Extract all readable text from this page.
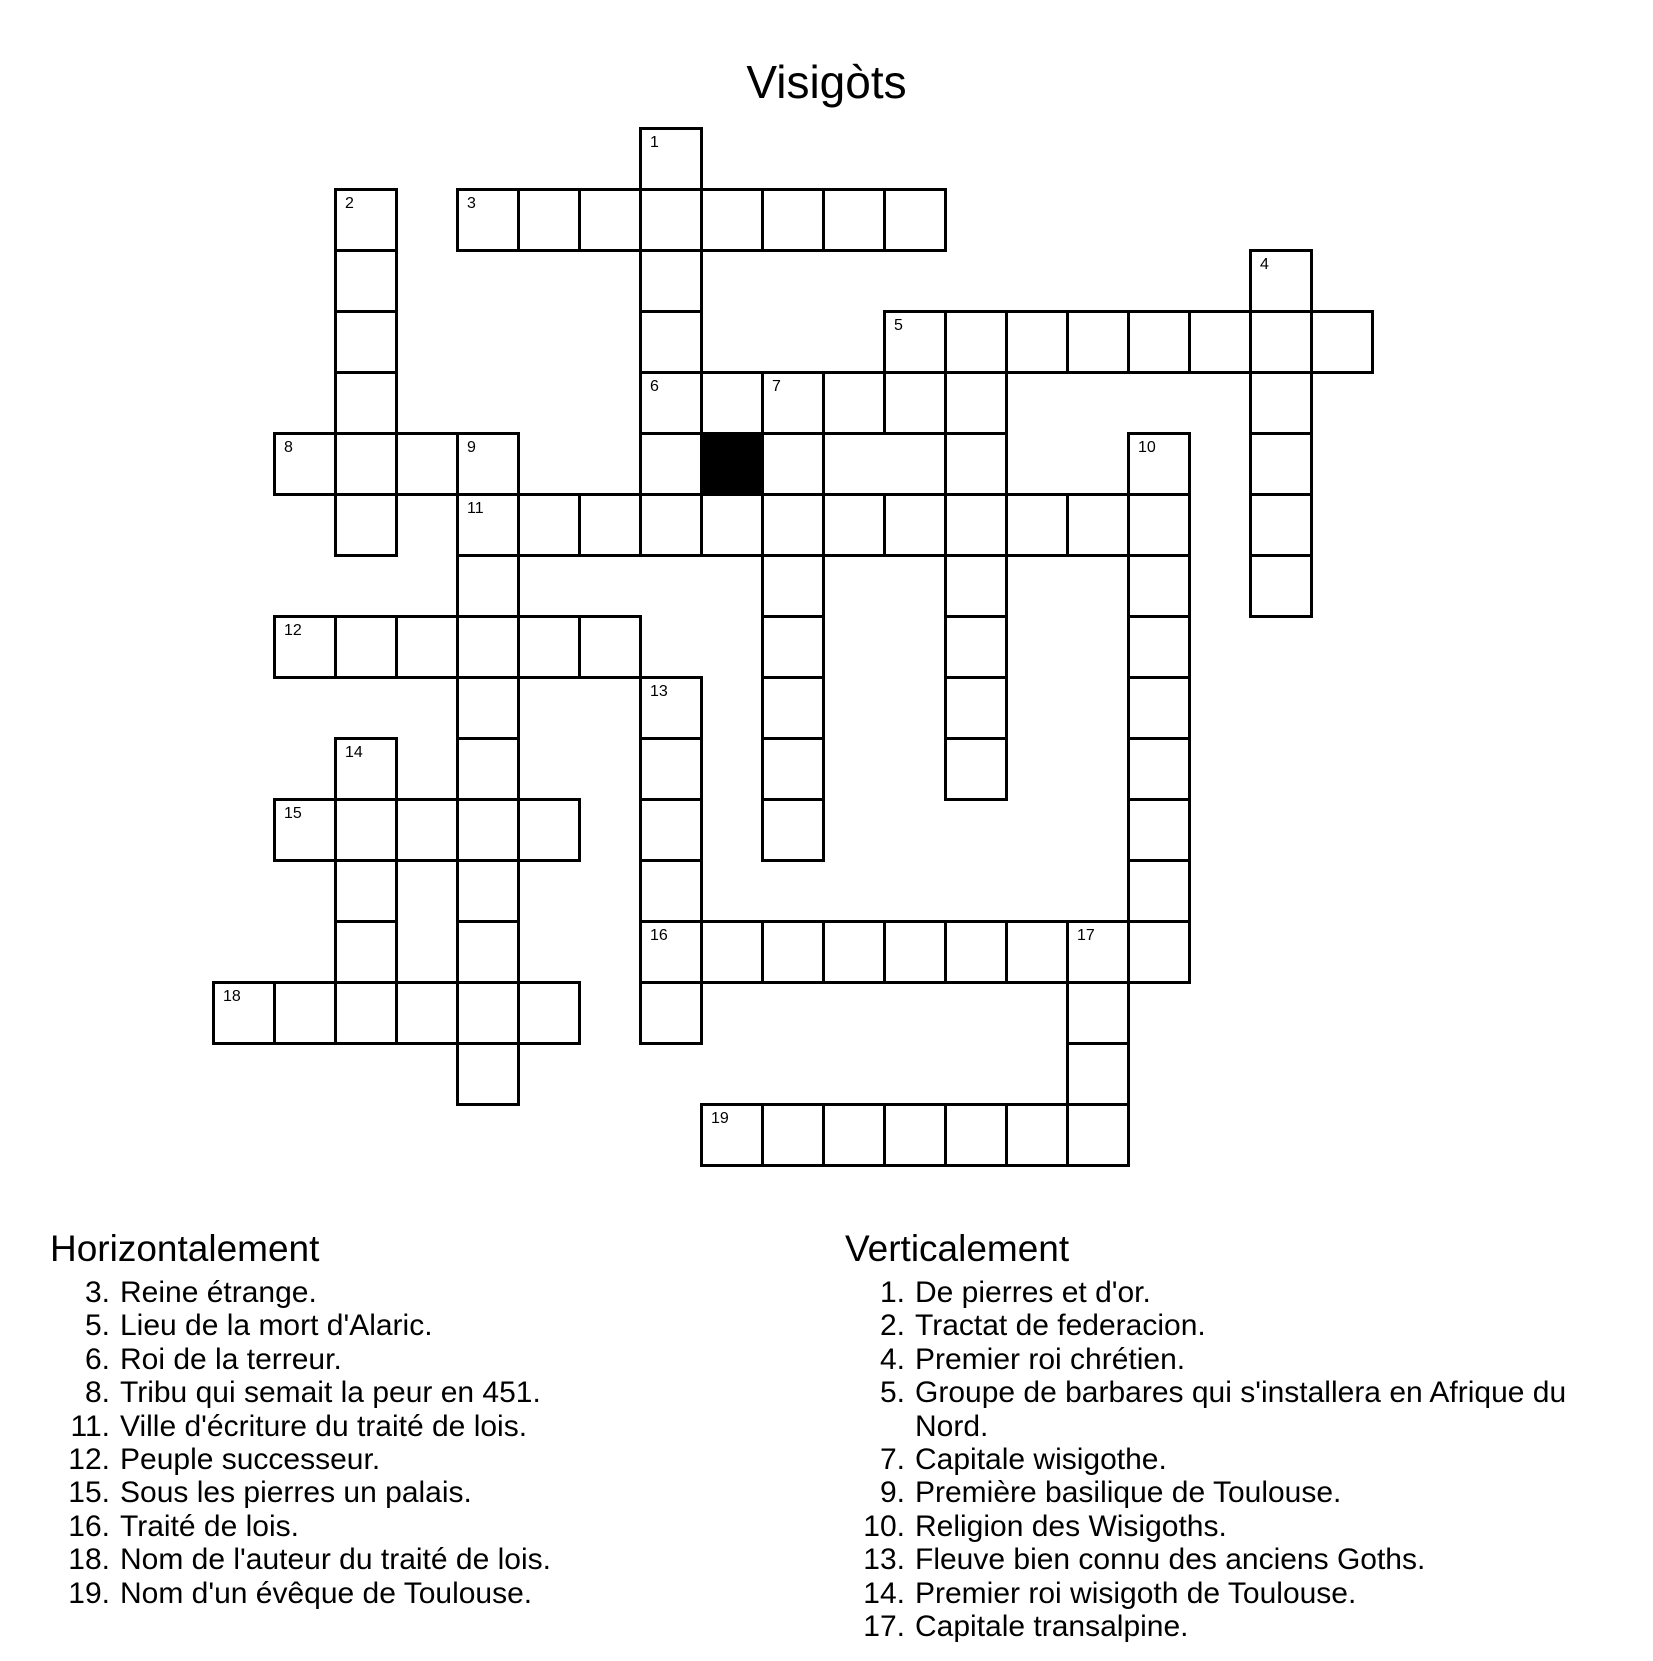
Visigòts
1
2	3
4
5
6	7
8	9	10
11
12
13
14
15
16	17
18
19
Horizontalement
3. Reine étrange.
5. Lieu de la mort d'Alaric.
6. Roi de la terreur.
8. Tribu qui semait la peur en 451.
11. Ville d'écriture du traité de lois.
12. Peuple successeur.
15. Sous les pierres un palais.
16. Traité de lois.
18. Nom de l'auteur du traité de lois.
19. Nom d'un évêque de Toulouse.
Verticalement
1. De pierres et d'or.
2. Tractat de federacion.
4. Premier roi chrétien.
5. Groupe de barbares qui s'installera en Afrique du Nord.
7. Capitale wisigothe.
9. Première basilique de Toulouse.
10. Religion des Wisigoths.
13. Fleuve bien connu des anciens Goths.
14. Premier roi wisigoth de Toulouse.
17. Capitale transalpine.
